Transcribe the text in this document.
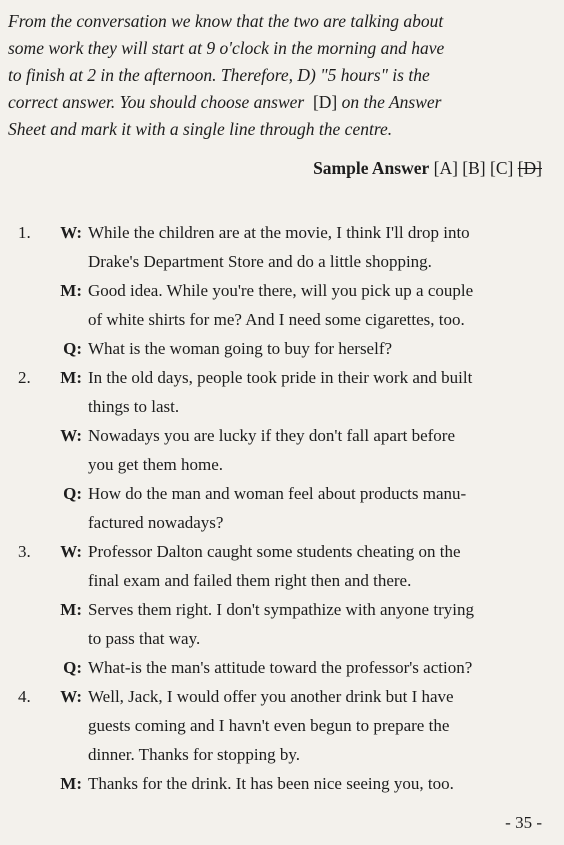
From the conversation we know that the two are talking about
some work they will start at 9 o'clock in the morning and have
to finish at 2 in the afternoon. Therefore, D) "5 hours" is the
correct answer. You should choose answer [D] on the Answer
Sheet and mark it with a single line through the centre.
Sample Answer [A] [B] [C] [D]
1.	W: While the children are at the movie, I think I'll drop into
Drake's Department Store and do a little shopping.
M: Good idea. While you're there, will you pick up a couple
of white shirts for me? And I need some cigarettes, too.
Q: What is the woman going to buy for herself?
2.	M: In the old days, people took pride in their work and built
things to last.
W: Nowadays you are lucky if they don't fall apart before
you get them home.
Q: How do the man and woman feel about products manu-
factured nowadays?
3.	W: Professor Dalton caught some students cheating on the
final exam and failed them right then and there.
M: Serves them right. I don't sympathize with anyone trying
to pass that way.
Q: What-is the man's attitude toward the professor's action?
4.	W: Well, Jack, I would offer you another drink but I have
guests coming and I havn't even begun to prepare the
dinner. Thanks for stopping by.
M: Thanks for the drink. It has been nice seeing you, too.
- 35 -
